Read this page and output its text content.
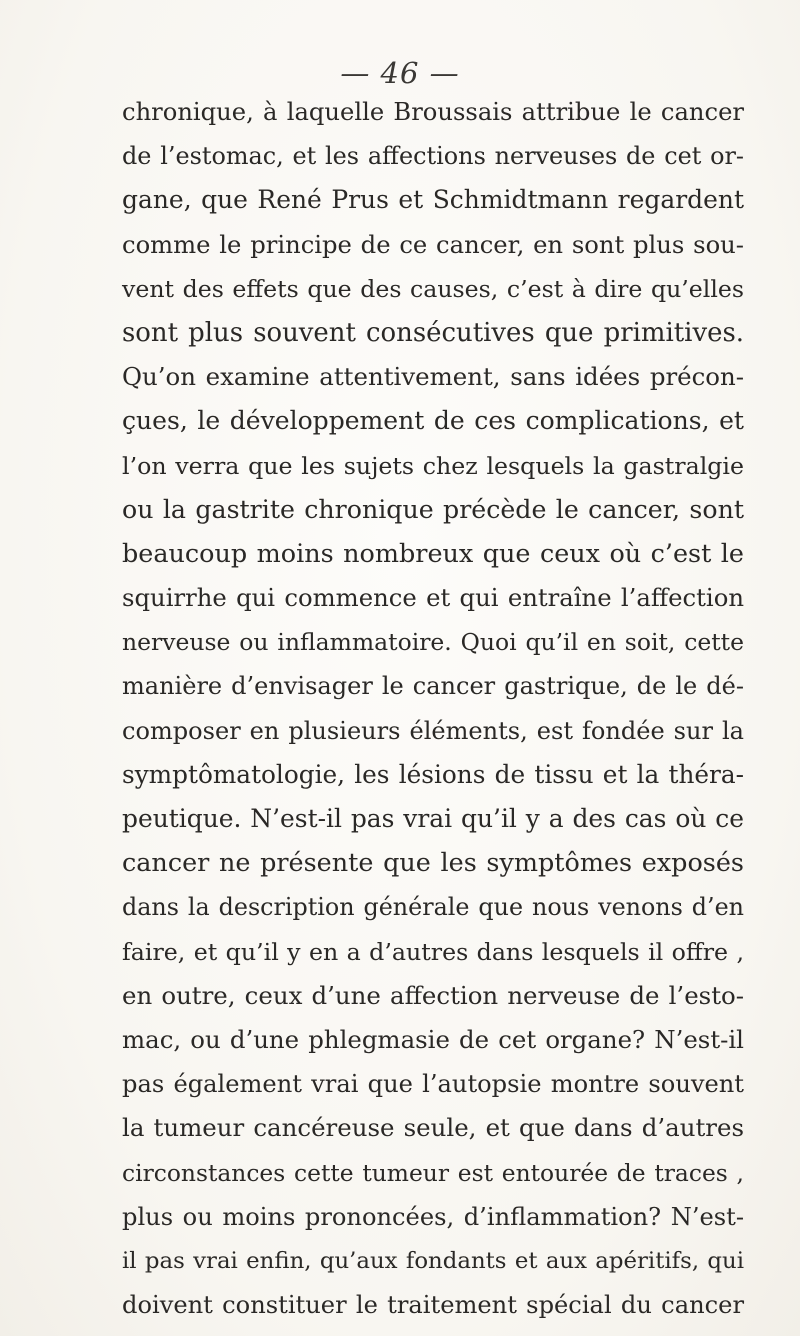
— 46 —
chronique, à laquelle Broussais attribue le cancer
de l’estomac, et les affections nerveuses de cet or-
gane, que René Prus et Schmidtmann regardent
comme le principe de ce cancer, en sont plus sou-
vent des effets que des causes, c’est à dire qu’elles
sont plus souvent consécutives que primitives.
Qu’on examine attentivement, sans idées précon-
çues, le développement de ces complications, et
l’on verra que les sujets chez lesquels la gastralgie
ou la gastrite chronique précède le cancer, sont
beaucoup moins nombreux que ceux où c’est le
squirrhe qui commence et qui entraîne l’affection
nerveuse ou inflammatoire. Quoi qu’il en soit, cette
manière d’envisager le cancer gastrique, de le dé-
composer en plusieurs éléments, est fondée sur la
symptômatologie, les lésions de tissu et la théra-
peutique. N’est-il pas vrai qu’il y a des cas où ce
cancer ne présente que les symptômes exposés
dans la description générale que nous venons d’en
faire, et qu’il y en a d’autres dans lesquels il offre ,
en outre, ceux d’une affection nerveuse de l’esto-
mac, ou d’une phlegmasie de cet organe? N’est-il
pas également vrai que l’autopsie montre souvent
la tumeur cancéreuse seule, et que dans d’autres
circonstances cette tumeur est entourée de traces ,
plus ou moins prononcées, d’inflammation? N’est-
il pas vrai enfin, qu’aux fondants et aux apéritifs, qui
doivent constituer le traitement spécial du cancer
